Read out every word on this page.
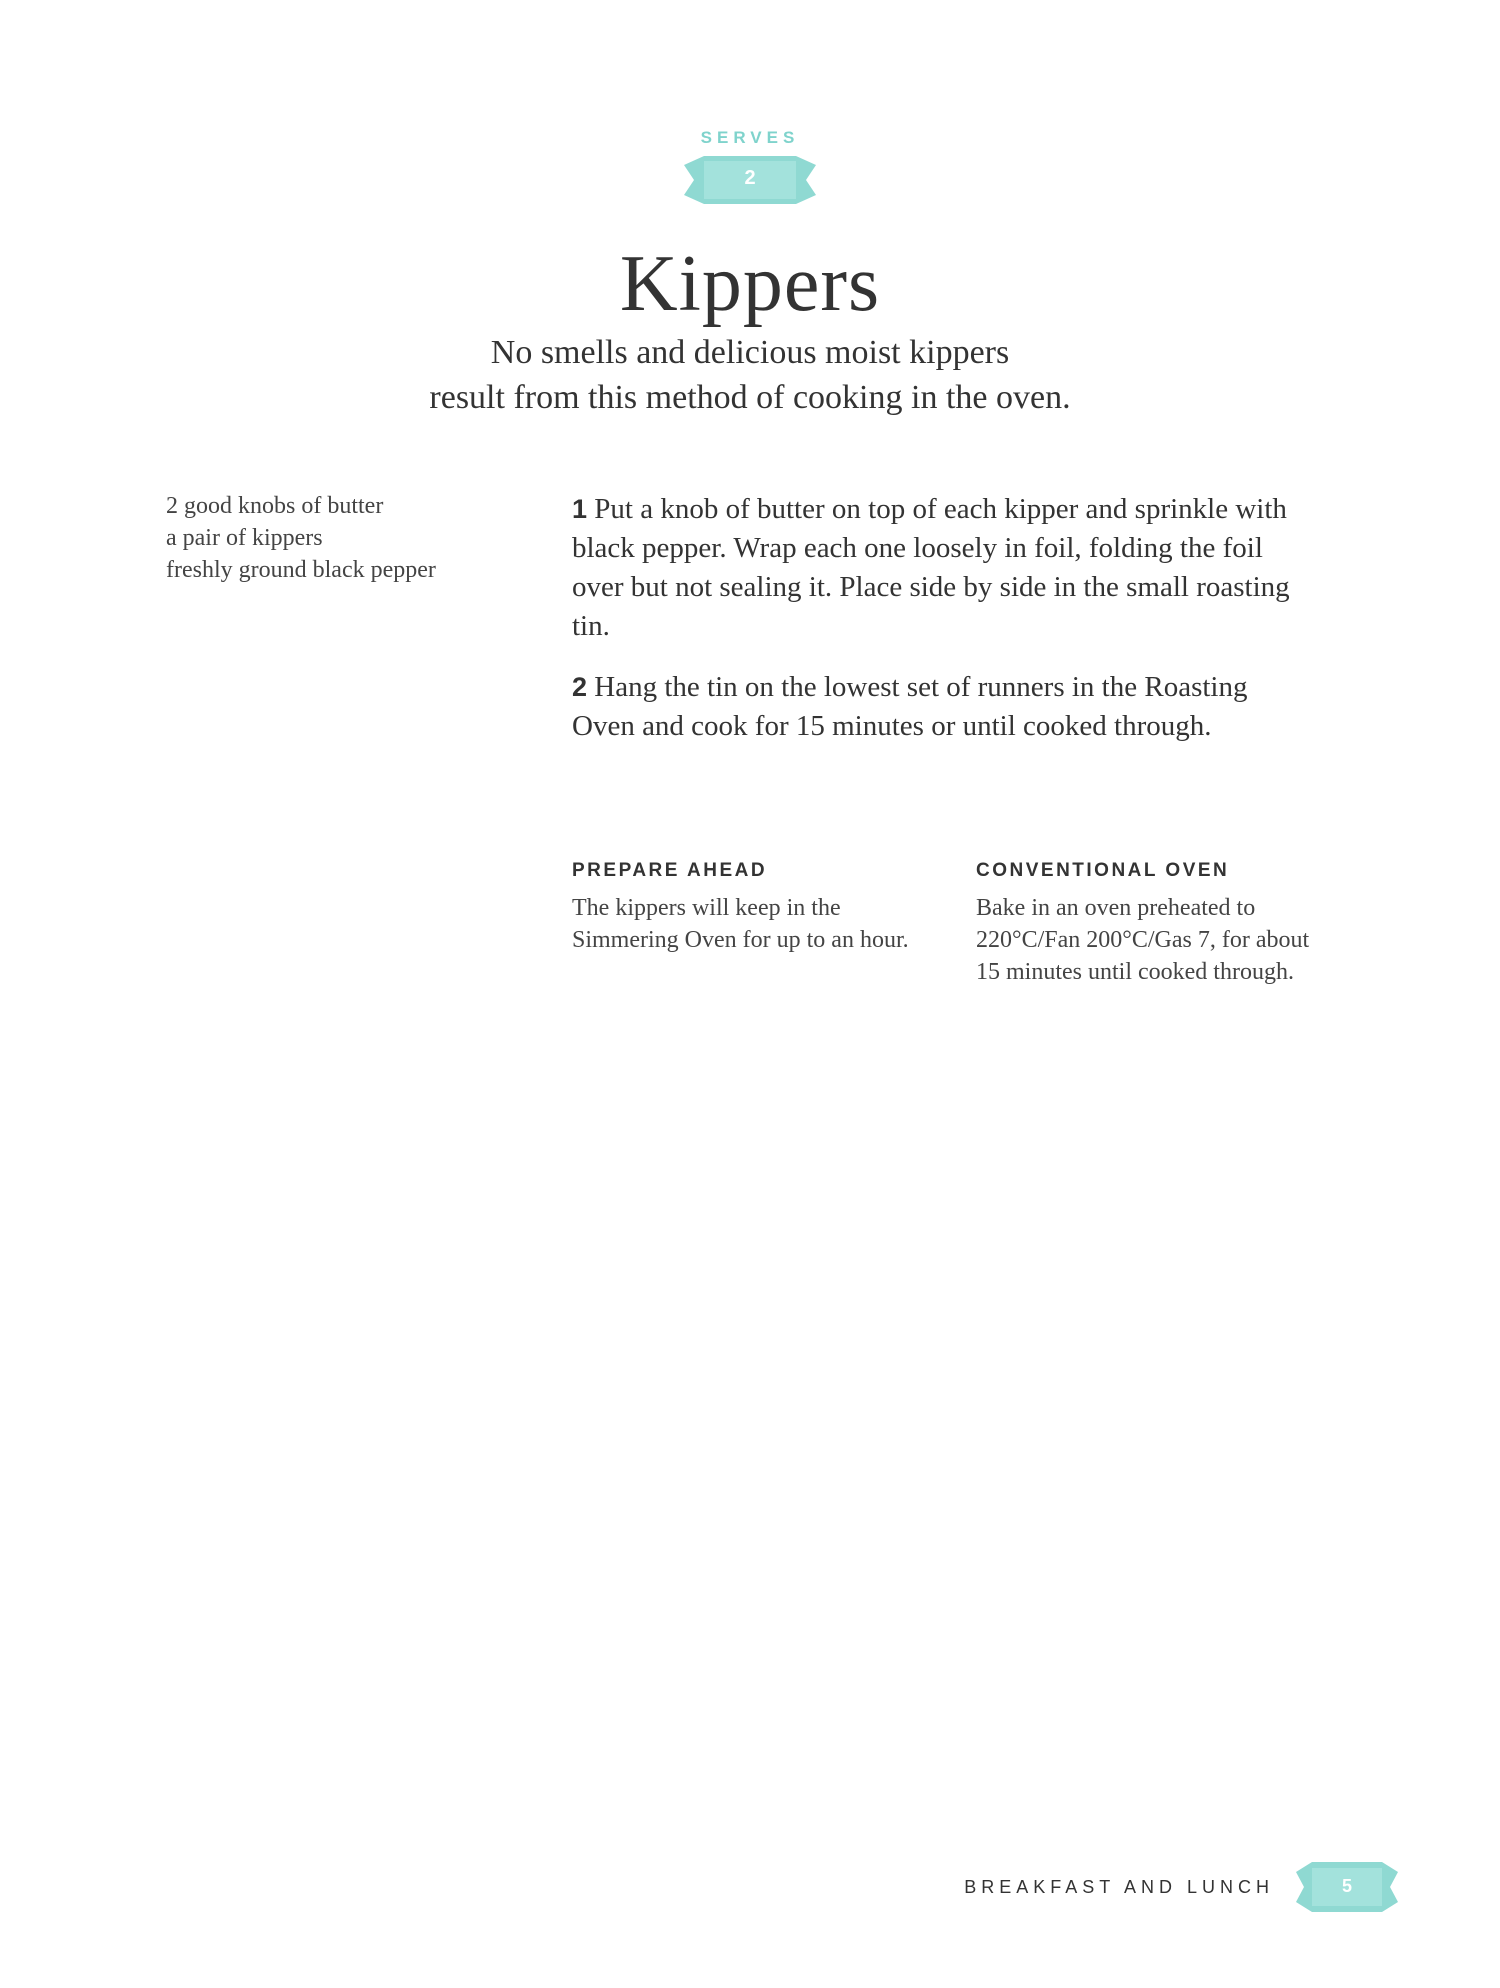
SERVES
2
Kippers
No smells and delicious moist kippers
result from this method of cooking in the oven.
2 good knobs of butter
a pair of kippers
freshly ground black pepper

1 Put a knob of butter on top of each kipper and sprinkle with black pepper. Wrap each one loosely in foil, folding the foil over but not sealing it. Place side by side in the small roasting tin.

2 Hang the tin on the lowest set of runners in the Roasting Oven and cook for 15 minutes or until cooked through.

PREPARE AHEAD
The kippers will keep in the Simmering Oven for up to an hour.
CONVENTIONAL OVEN
Bake in an oven preheated to 220°C/Fan 200°C/Gas 7, for about 15 minutes until cooked through.
BREAKFAST AND LUNCH	5
